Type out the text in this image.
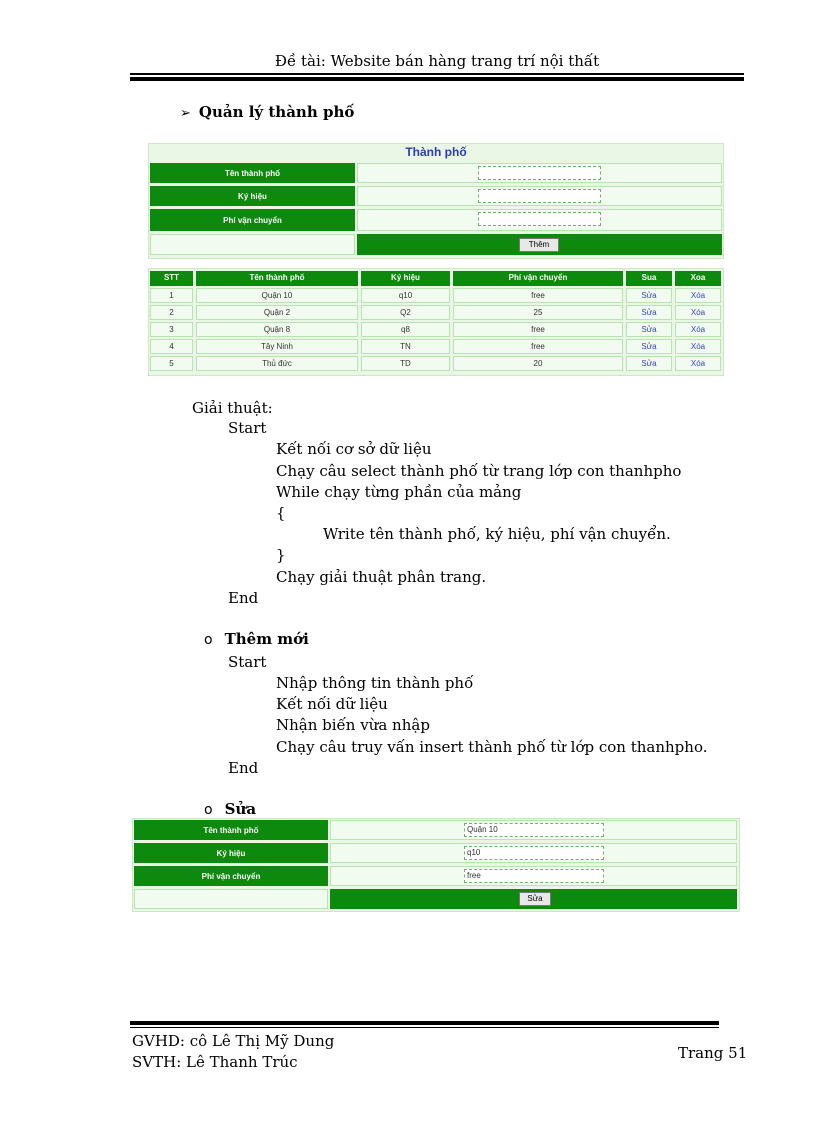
Đề tài: Website bán hàng trang trí nội thất
➢ Quản lý thành phố
Thành phố
Tên thành phố
Ký hiệu
Phí vận chuyển
Thêm
STT	Tên thành phố	Ký hiệu	Phí vận chuyển	Sua	Xoa
1	Quận 10	q10	free	Sửa	Xóa
2	Quận 2	Q2	25	Sửa	Xóa
3	Quận 8	q8	free	Sửa	Xóa
4	Tây Ninh	TN	free	Sửa	Xóa
5	Thủ đức	TD	20	Sửa	Xóa
Giải thuật:
Start
Kết nối cơ sở dữ liệu
Chạy câu select thành phố từ trang lớp con thanhpho
While chạy từng phần của mảng
{
Write tên thành phố, ký hiệu, phí vận chuyển.
}
Chạy giải thuật phân trang.
End
o Thêm mới
Start
Nhập thông tin thành phố
Kết nối dữ liệu
Nhận biến vừa nhập
Chạy câu truy vấn insert thành phố từ lớp con thanhpho.
End
o Sửa
Tên thành phố	Quận 10
Ký hiệu	q10
Phí vận chuyển	free
Sửa
GVHD: cô Lê Thị Mỹ Dung
SVTH: Lê Thanh Trúc	Trang 51
